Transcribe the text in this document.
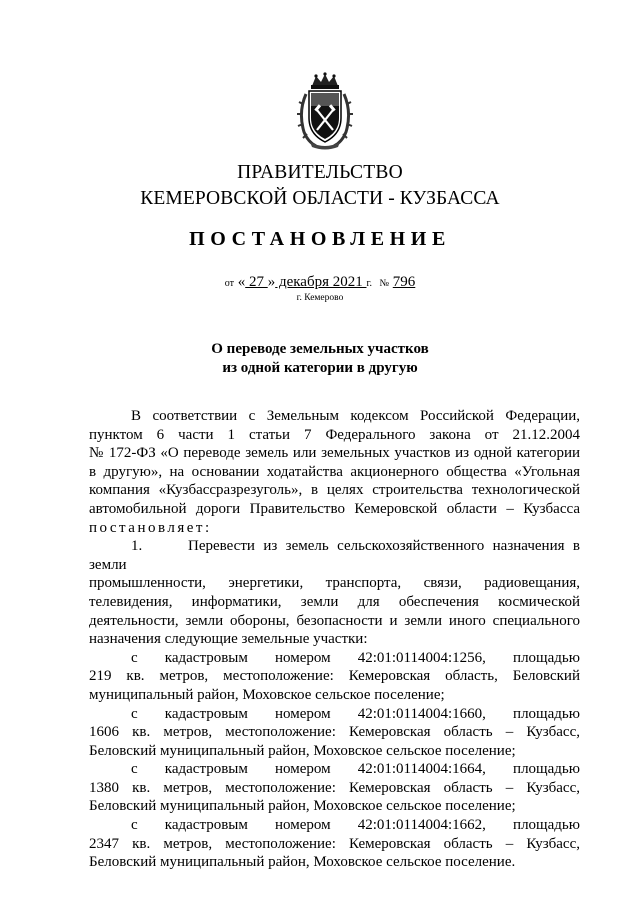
ПРАВИТЕЛЬСТВО
КЕМЕРОВСКОЙ ОБЛАСТИ - КУЗБАССА
ПОСТАНОВЛЕНИЕ
от « 27 » декабря 2021 г. № 796
г. Кемерово
О переводе земельных участков
из одной категории в другую

В соответствии с Земельным кодексом Российской Федерации,

пунктом 6 части 1 статьи 7 Федерального закона от 21.12.2004

№ 172-ФЗ «О переводе земель или земельных участков из одной категории

в другую», на основании ходатайства акционерного общества «Угольная

компания «Кузбассразрезуголь», в целях строительства технологической

автомобильной дороги Правительство Кемеровской области – Кузбасса

постановляет:

1.	Перевести из земель сельскохозяйственного назначения в земли

промышленности, энергетики, транспорта, связи, радиовещания,

телевидения, информатики, земли для обеспечения космической

деятельности, земли обороны, безопасности и земли иного специального

назначения следующие земельные участки:

с кадастровым номером 42:01:0114004:1256, площадью

219 кв. метров, местоположение: Кемеровская область, Беловский

муниципальный район, Моховское сельское поселение;

с кадастровым номером 42:01:0114004:1660, площадью

1606 кв. метров, местоположение: Кемеровская область – Кузбасс,

Беловский муниципальный район, Моховское сельское поселение;

с кадастровым номером 42:01:0114004:1664, площадью

1380 кв. метров, местоположение: Кемеровская область – Кузбасс,

Беловский муниципальный район, Моховское сельское поселение;

с кадастровым номером 42:01:0114004:1662, площадью

2347 кв. метров, местоположение: Кемеровская область – Кузбасс,

Беловский муниципальный район, Моховское сельское поселение.
